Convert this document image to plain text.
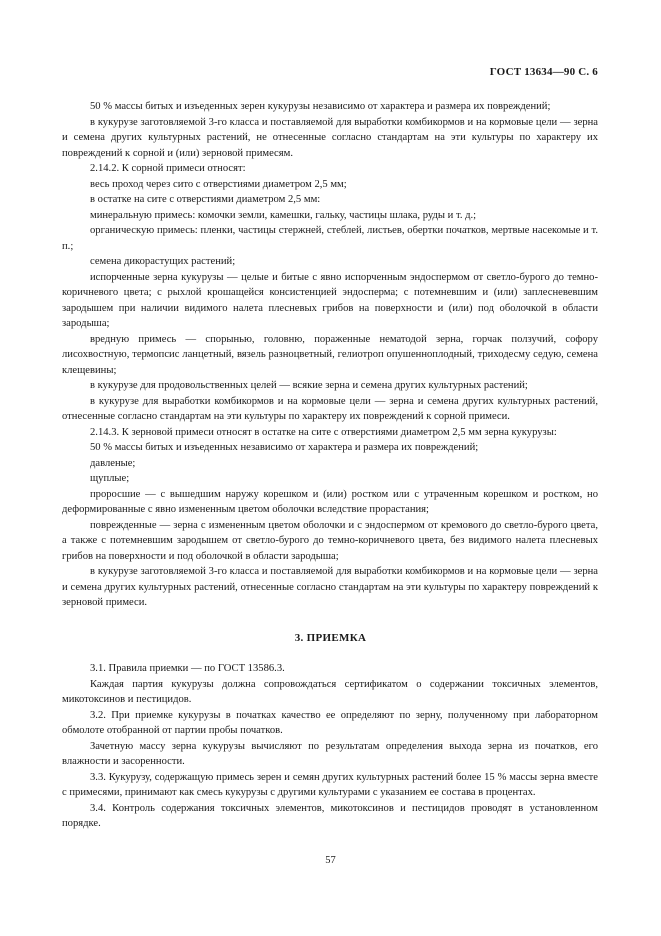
ГОСТ 13634—90 С. 6

50 % массы битых и изъеденных зерен кукурузы независимо от характера и размера их повреждений;

в кукурузе заготовляемой 3-го класса и поставляемой для выработки комбикормов и на кормовые цели — зерна и семена других культурных растений, не отнесенные согласно стандартам на эти культуры по характеру их повреждений к сорной и (или) зерновой примесям.

2.14.2. К сорной примеси относят:

весь проход через сито с отверстиями диаметром 2,5 мм;

в остатке на сите с отверстиями диаметром 2,5 мм:

минеральную примесь: комочки земли, камешки, гальку, частицы шлака, руды и т. д.;

органическую примесь: пленки, частицы стержней, стеблей, листьев, обертки початков, мертвые насекомые и т. п.;

семена дикорастущих растений;

испорченные зерна кукурузы — целые и битые с явно испорченным эндоспермом от светло-бурого до темно-коричневого цвета; с рыхлой крошащейся консистенцией эндосперма; с потемневшим и (или) заплесневевшим зародышем при наличии видимого налета плесневых грибов на поверхности и (или) под оболочкой в области зародыша;

вредную примесь — спорынью, головню, пораженные нематодой зерна, горчак ползучий, софору лисохвостную, термопсис ланцетный, вязель разноцветный, гелиотроп опушенноплодный, триходесму седую, семена клещевины;

в кукурузе для продовольственных целей — всякие зерна и семена других культурных растений;

в кукурузе для выработки комбикормов и на кормовые цели — зерна и семена других культурных растений, отнесенные согласно стандартам на эти культуры по характеру их повреждений к сорной примеси.

2.14.3. К зерновой примеси относят в остатке на сите с отверстиями диаметром 2,5 мм зерна кукурузы:

50 % массы битых и изъеденных независимо от характера и размера их повреждений;

давленые;

щуплые;

проросшие — с вышедшим наружу корешком и (или) ростком или с утраченным корешком и ростком, но деформированные с явно измененным цветом оболочки вследствие прорастания;

поврежденные — зерна с измененным цветом оболочки и с эндоспермом от кремового до светло-бурого цвета, а также с потемневшим зародышем от светло-бурого до темно-коричневого цвета, без видимого налета плесневых грибов на поверхности и под оболочкой в области зародыша;

в кукурузе заготовляемой 3-го класса и поставляемой для выработки комбикормов и на кормовые цели — зерна и семена других культурных растений, отнесенные согласно стандартам на эти культуры по характеру повреждений к зерновой примеси.

3. ПРИЕМКА

3.1. Правила приемки — по ГОСТ 13586.3.

Каждая партия кукурузы должна сопровождаться сертификатом о содержании токсичных элементов, микотоксинов и пестицидов.

3.2. При приемке кукурузы в початках качество ее определяют по зерну, полученному при лабораторном обмолоте отобранной от партии пробы початков.

Зачетную массу зерна кукурузы вычисляют по результатам определения выхода зерна из початков, его влажности и засоренности.

3.3. Кукурузу, содержащую примесь зерен и семян других культурных растений более 15 % массы зерна вместе с примесями, принимают как смесь кукурузы с другими культурами с указанием ее состава в процентах.

3.4. Контроль содержания токсичных элементов, микотоксинов и пестицидов проводят в установленном порядке.

57
